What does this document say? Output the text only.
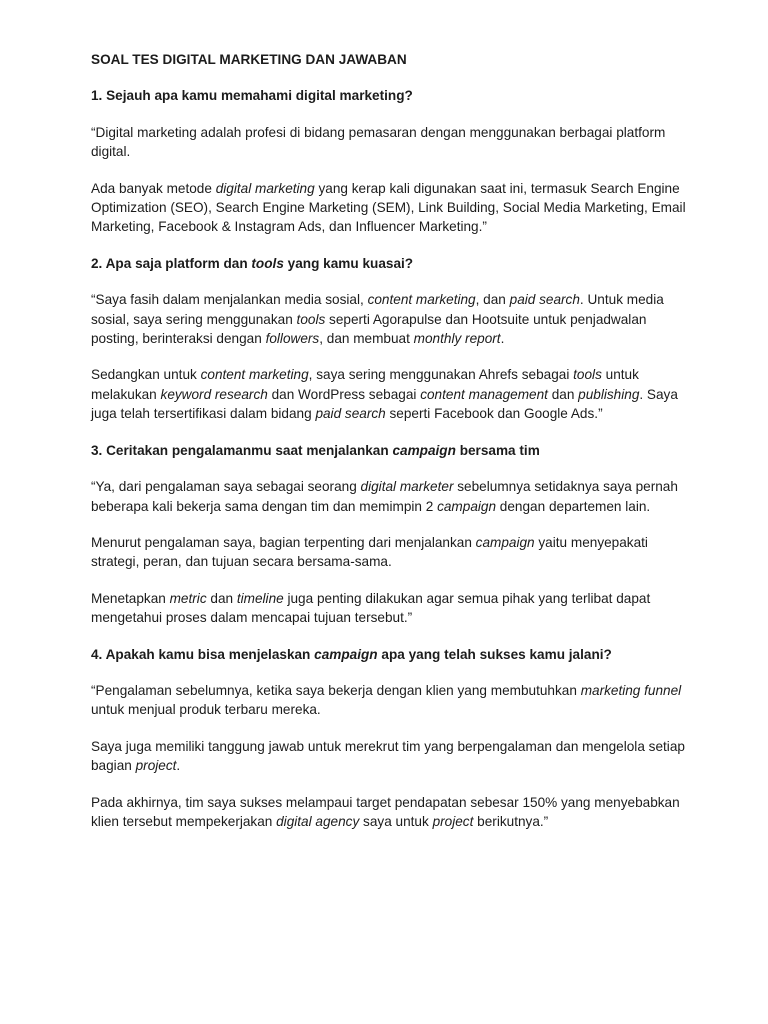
SOAL TES DIGITAL MARKETING DAN JAWABAN

1. Sejauh apa kamu memahami digital marketing?

“Digital marketing adalah profesi di bidang pemasaran dengan menggunakan berbagai platform digital.

Ada banyak metode digital marketing yang kerap kali digunakan saat ini, termasuk Search Engine Optimization (SEO), Search Engine Marketing (SEM), Link Building, Social Media Marketing, Email Marketing, Facebook & Instagram Ads, dan Influencer Marketing.”

2. Apa saja platform dan tools yang kamu kuasai?

“Saya fasih dalam menjalankan media sosial, content marketing, dan paid search. Untuk media sosial, saya sering menggunakan tools seperti Agorapulse dan Hootsuite untuk penjadwalan posting, berinteraksi dengan followers, dan membuat monthly report.

Sedangkan untuk content marketing, saya sering menggunakan Ahrefs sebagai tools untuk melakukan keyword research dan WordPress sebagai content management dan publishing. Saya juga telah tersertifikasi dalam bidang paid search seperti Facebook dan Google Ads.”

3. Ceritakan pengalamanmu saat menjalankan campaign bersama tim

“Ya, dari pengalaman saya sebagai seorang digital marketer sebelumnya setidaknya saya pernah beberapa kali bekerja sama dengan tim dan memimpin 2 campaign dengan departemen lain.

Menurut pengalaman saya, bagian terpenting dari menjalankan campaign yaitu menyepakati strategi, peran, dan tujuan secara bersama-sama.

Menetapkan metric dan timeline juga penting dilakukan agar semua pihak yang terlibat dapat mengetahui proses dalam mencapai tujuan tersebut.”

4. Apakah kamu bisa menjelaskan campaign apa yang telah sukses kamu jalani?

“Pengalaman sebelumnya, ketika saya bekerja dengan klien yang membutuhkan marketing funnel untuk menjual produk terbaru mereka.

Saya juga memiliki tanggung jawab untuk merekrut tim yang berpengalaman dan mengelola setiap bagian project.

Pada akhirnya, tim saya sukses melampaui target pendapatan sebesar 150% yang menyebabkan klien tersebut mempekerjakan digital agency saya untuk project berikutnya.”
